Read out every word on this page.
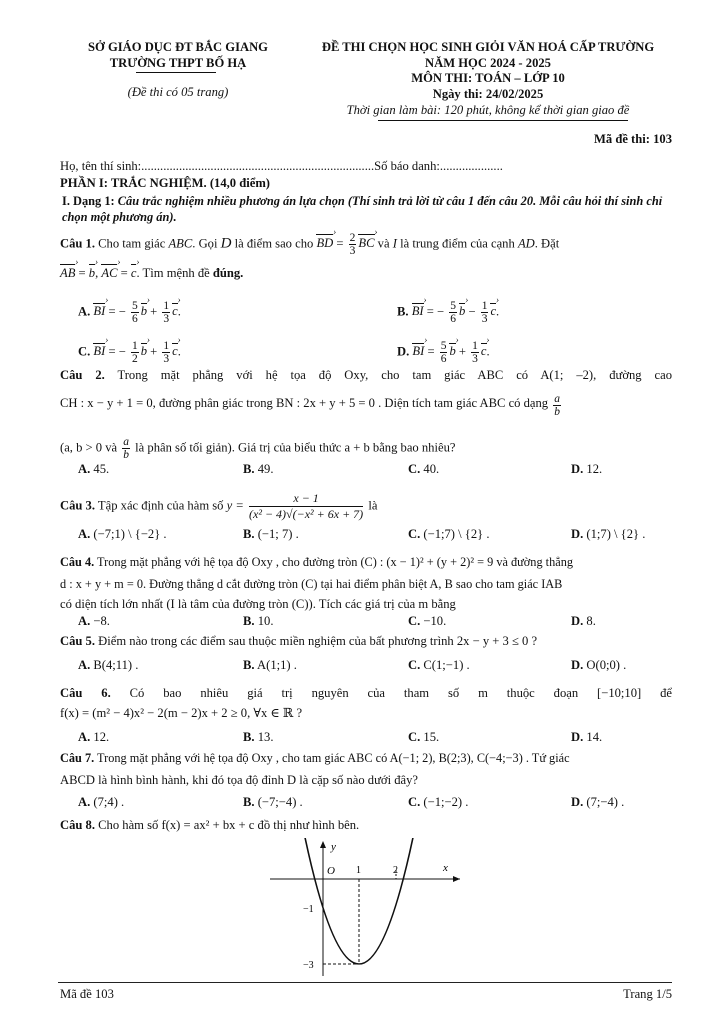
SỞ GIÁO DỤC ĐT BẮC GIANG
TRƯỜNG THPT BỐ HẠ
(Đề thi có 05 trang)
ĐỀ THI CHỌN HỌC SINH GIỎI VĂN HOÁ CẤP TRƯỜNG
NĂM HỌC 2024 - 2025
MÔN THI: TOÁN – LỚP 10
Ngày thi: 24/02/2025
Thời gian làm bài: 120 phút, không kể thời gian giao đề
Mã đề thi: 103
Họ, tên thí sinh:..........................................................................Số báo danh:....................
PHẦN I: TRẮC NGHIỆM. (14,0 điểm)
I. Dạng 1: Câu trắc nghiệm nhiều phương án lựa chọn (Thí sinh trả lời từ câu 1 đến câu 20. Mỗi câu hỏi thí sinh chỉ chọn một phương án).
Câu 1. Cho tam giác ABC. Gọi D là điểm sao cho BD › = $\frac{2}{3}$ BC › và I là trung điểm của cạnh AD. Đặt
AB › = b ›, AC › = c ›. Tìm mệnh đề đúng.
A. BI › = − $\frac{5}{6}$ b › + $\frac{1}{3}$ c ›.	B. BI › = − $\frac{5}{6}$ b › − $\frac{1}{3}$ c ›.
C. BI › = − $\frac{1}{2}$ b › + $\frac{1}{3}$ c ›.	D. BI › = $\frac{5}{6}$ b › + $\frac{1}{3}$ c ›.
Câu 2. Trong mặt phẳng với hệ tọa độ Oxy, cho tam giác ABC có A(1; –2), đường cao
CH : x − y + 1 = 0, đường phân giác trong BN : 2x + y + 5 = 0 . Diện tích tam giác ABC có dạng $\frac{a}{b}$
(a, b > 0 và $\frac{a}{b}$ là phân số tối giản). Giá trị của biểu thức a + b bằng bao nhiêu?
A. 45.	B. 49.	C. 40.	D. 12.
Câu 3. Tập xác định của hàm số $y = \frac{x - 1}{\text{(x² − 4)√(−x² + 6x + 7)}}$ là
A. (−7;1) \ {−2} .	B. (−1; 7) .	C. (−1;7) \ {2} .	D. (1;7) \ {2} .
Câu 4. Trong mặt phẳng với hệ tọa độ Oxy , cho đường tròn (C) : (x − 1)² + (y + 2)² = 9 và đường thẳng
d : x + y + m = 0. Đường thẳng d cắt đường tròn (C) tại hai điểm phân biệt A, B sao cho tam giác IAB
có diện tích lớn nhất (I là tâm của đường tròn (C)). Tích các giá trị của m bằng
A. −8.	B. 10.	C. −10.	D. 8.
Câu 5. Điểm nào trong các điểm sau thuộc miền nghiệm của bất phương trình 2x − y + 3 ≤ 0 ?
A. B(4;11) .	B. A(1;1) .	C. C(1;−1) .	D. O(0;0) .
Câu 6. Có bao nhiêu giá trị nguyên của tham số m thuộc đoạn [−10;10] để
f(x) = (m² − 4)x² − 2(m − 2)x + 2 ≥ 0, ∀x ∈ ℝ ?
A. 12.	B. 13.	C. 15.	D. 14.
Câu 7. Trong mặt phẳng với hệ tọa độ Oxy , cho tam giác ABC có A(−1; 2), B(2;3), C(−4;−3) . Tứ giác
ABCD là hình bình hành, khi đó tọa độ đỉnh D là cặp số nào dưới đây?
A. (7;4) .	B. (−7;−4) .	C. (−1;−2) .	D. (7;−4) .
Câu 8. Cho hàm số f(x) = ax² + bx + c đồ thị như hình bên.
y
x
O 1	2
−1
−3
Mã đề 103	Trang 1/5
